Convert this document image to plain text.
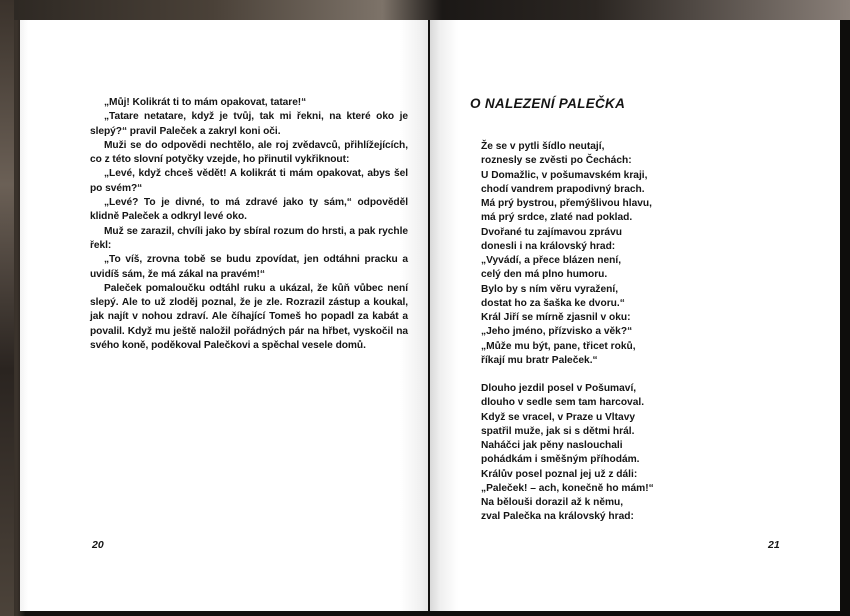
„Můj! Kolikrát ti to mám opakovat, tatare!“

„Tatare netatare, když je tvůj, tak mi řekni, na které oko je slepý?“ pravil Paleček a zakryl koni oči.

Muži se do odpovědi nechtělo, ale roj zvědavců, přihlížejících, co z této slovní potyčky vzejde, ho přinutil vykřiknout:

„Levé, když chceš vědět! A kolikrát ti mám opakovat, abys šel po svém?“

„Levé? To je divné, to má zdravé jako ty sám,“ odpověděl klidně Paleček a odkryl levé oko.

Muž se zarazil, chvíli jako by sbíral rozum do hrsti, a pak rychle řekl:

„To víš, zrovna tobě se budu zpovídat, jen odtáhni pracku a uvidíš sám, že má zákal na pravém!“

Paleček pomaloučku odtáhl ruku a ukázal, že kůň vůbec není slepý. Ale to už zloděj poznal, že je zle. Rozrazil zástup a koukal, jak najít v nohou zdraví. Ale číhající Tomeš ho popadl za kabát a povalil. Když mu ještě naložil pořádných pár na hřbet, vyskočil na svého koně, poděkoval Palečkovi a spěchal vesele domů.

20
O NALEZENÍ PALEČKA
Že se v pytli šídlo neutají,
roznesly se zvěsti po Čechách:
U Domažlic, v pošumavském kraji,
chodí vandrem prapodivný brach.
Má prý bystrou, přemýšlivou hlavu,
má prý srdce, zlaté nad poklad.
Dvořané tu zajímavou zprávu
donesli i na královský hrad:
„Vyvádí, a přece blázen není,
celý den má plno humoru.
Bylo by s ním věru vyražení,
dostat ho za šaška ke dvoru.“
Král Jiří se mírně zjasnil v oku:
„Jeho jméno, přízvisko a věk?“
„Může mu být, pane, třicet roků,
říkají mu bratr Paleček.“
Dlouho jezdil posel v Pošumaví,
dlouho v sedle sem tam harcoval.
Když se vracel, v Praze u Vltavy
spatřil muže, jak si s dětmi hrál.
Naháčci jak pěny naslouchali
pohádkám i směšným příhodám.
Králův posel poznal jej už z dáli:
„Paleček! – ach, konečně ho mám!“
Na bělouši dorazil až k němu,
zval Palečka na královský hrad:
21
